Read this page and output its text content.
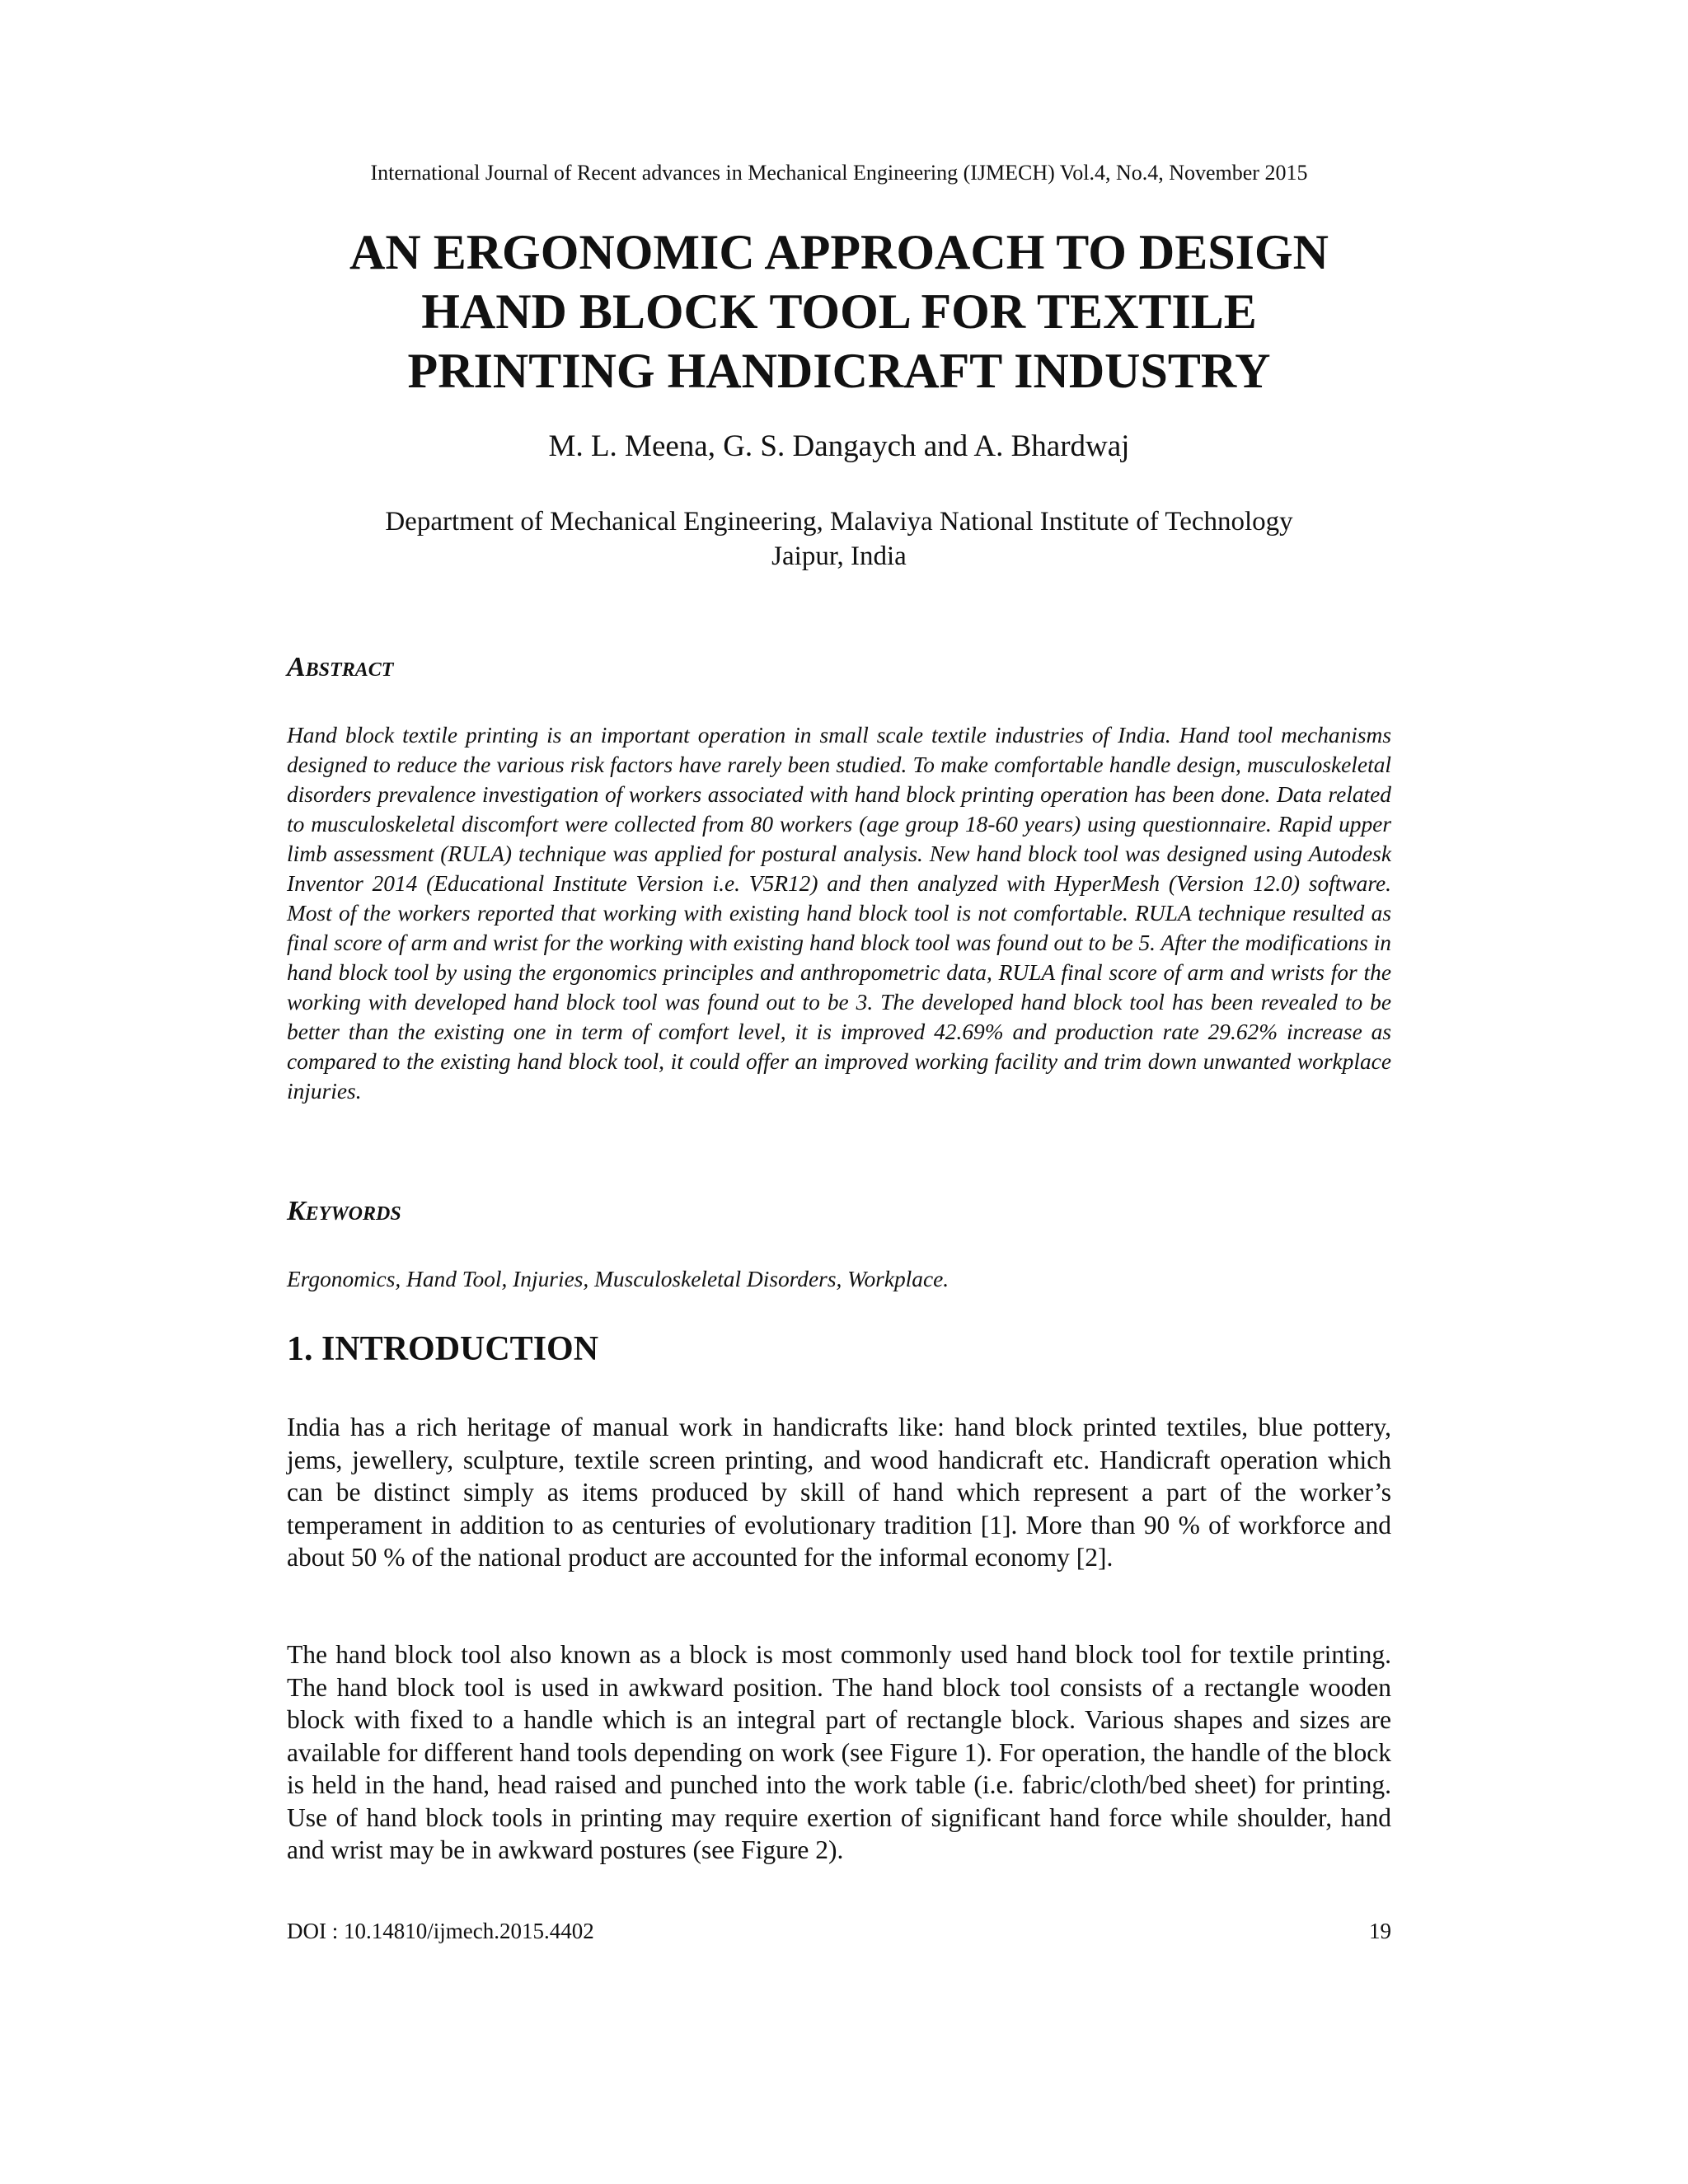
International Journal of Recent advances in Mechanical Engineering (IJMECH) Vol.4, No.4, November 2015
AN ERGONOMIC APPROACH TO DESIGN
HAND BLOCK TOOL FOR TEXTILE
PRINTING HANDICRAFT INDUSTRY
M. L. Meena, G. S. Dangaych and A. Bhardwaj
Department of Mechanical Engineering, Malaviya National Institute of Technology
Jaipur, India
Abstract

Hand block textile printing is an important operation in small scale textile industries of India. Hand tool mechanisms designed to reduce the various risk factors have rarely been studied. To make comfortable handle design, musculoskeletal disorders prevalence investigation of workers associated with hand block printing operation has been done. Data related to musculoskeletal discomfort were collected from 80 workers (age group 18-60 years) using questionnaire. Rapid upper limb assessment (RULA) technique was applied for postural analysis. New hand block tool was designed using Autodesk Inventor 2014 (Educational Institute Version i.e. V5R12) and then analyzed with HyperMesh (Version 12.0) software. Most of the workers reported that working with existing hand block tool is not comfortable. RULA technique resulted as final score of arm and wrist for the working with existing hand block tool was found out to be 5. After the modifications in hand block tool by using the ergonomics principles and anthropometric data, RULA final score of arm and wrists for the working with developed hand block tool was found out to be 3. The developed hand block tool has been revealed to be better than the existing one in term of comfort level, it is improved 42.69% and production rate 29.62% increase as compared to the existing hand block tool, it could offer an improved working facility and trim down unwanted workplace injuries.

Keywords

Ergonomics, Hand Tool, Injuries, Musculoskeletal Disorders, Workplace.

1. INTRODUCTION

India has a rich heritage of manual work in handicrafts like: hand block printed textiles, blue pottery, jems, jewellery, sculpture, textile screen printing, and wood handicraft etc. Handicraft operation which can be distinct simply as items produced by skill of hand which represent a part of the worker’s temperament in addition to as centuries of evolutionary tradition [1]. More than 90 % of workforce and about 50 % of the national product are accounted for the informal economy [2].

The hand block tool also known as a block is most commonly used hand block tool for textile printing. The hand block tool is used in awkward position. The hand block tool consists of a rectangle wooden block with fixed to a handle which is an integral part of rectangle block. Various shapes and sizes are available for different hand tools depending on work (see Figure 1). For operation, the handle of the block is held in the hand, head raised and punched into the work table (i.e. fabric/cloth/bed sheet) for printing. Use of hand block tools in printing may require exertion of significant hand force while shoulder, hand and wrist may be in awkward postures (see Figure 2).

DOI : 10.14810/ijmech.2015.4402	19
